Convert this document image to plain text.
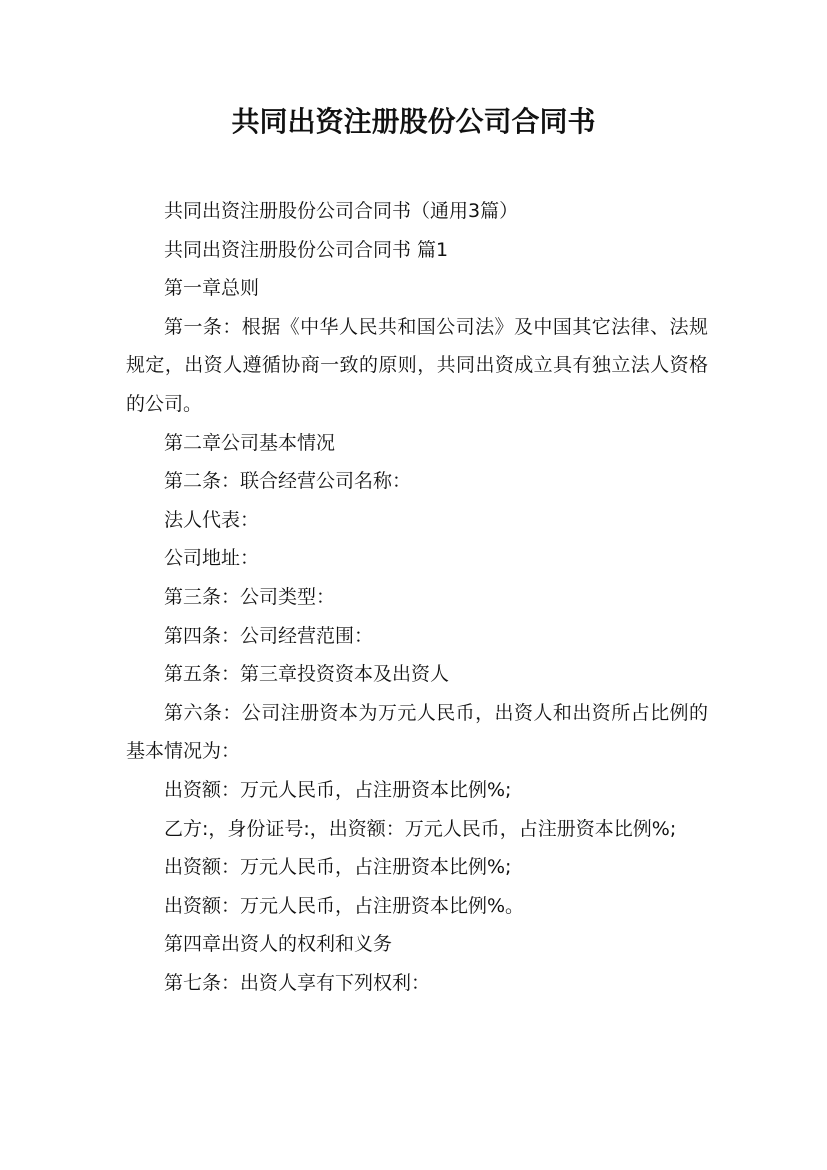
共同出资注册股份公司合同书

共同出资注册股份公司合同书（通用3篇）

共同出资注册股份公司合同书 篇1

第一章总则

第一条：根据《中华人民共和国公司法》及中国其它法律、法规规定，出资人遵循协商一致的原则，共同出资成立具有独立法人资格的公司。

第二章公司基本情况

第二条：联合经营公司名称：

法人代表：

公司地址：

第三条：公司类型：

第四条：公司经营范围：

第五条：第三章投资资本及出资人

第六条：公司注册资本为万元人民币，出资人和出资所占比例的基本情况为：

出资额：万元人民币，占注册资本比例%;

乙方:，身份证号:，出资额：万元人民币，占注册资本比例%;

出资额：万元人民币，占注册资本比例%;

出资额：万元人民币，占注册资本比例%。

第四章出资人的权利和义务

第七条：出资人享有下列权利：
